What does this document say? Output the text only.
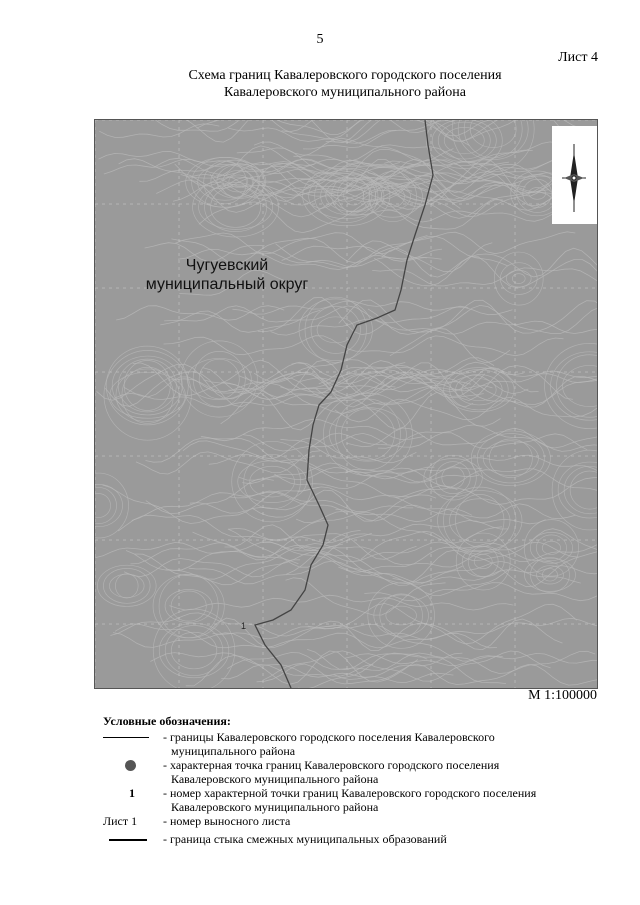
5
Лист 4
Схема границ Кавалеровского городского поселения
Кавалеровского муниципального района
Чугуевский
муниципальный округ
1
М 1:100000
Условные обозначения:
- границы Кавалеровского городского поселения Кавалеровского
муниципального района
- характерная точка границ Кавалеровского городского поселения
Кавалеровского муниципального района
1 - номер характерной точки границ Кавалеровского городского поселения
Кавалеровского муниципального района
Лист 1 - номер выносного листа
- граница стыка смежных муниципальных образований
